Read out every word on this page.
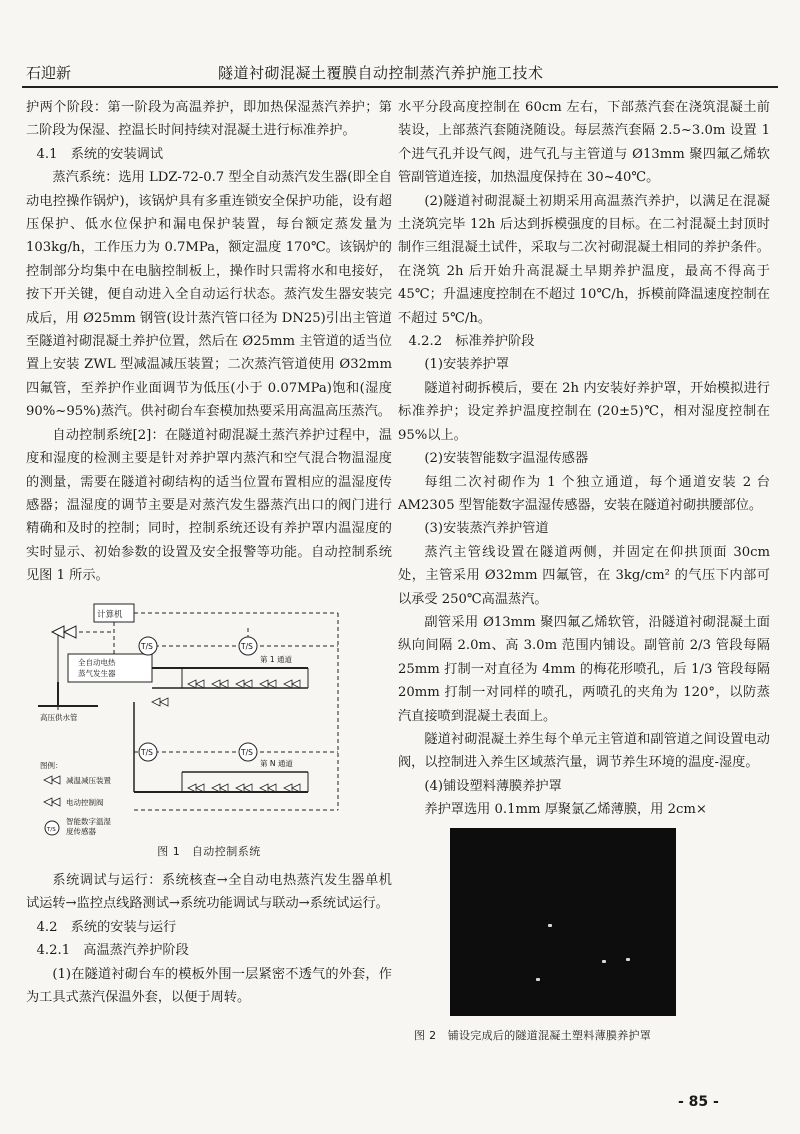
石迎新	隧道衬砌混凝土覆膜自动控制蒸汽养护施工技术

护两个阶段：第一阶段为高温养护，即加热保湿蒸汽养护；第二阶段为保湿、控温长时间持续对混凝土进行标准养护。

4.1　系统的安装调试

蒸汽系统：选用 LDZ-72-0.7 型全自动蒸汽发生器(即全自动电控操作锅炉)，该锅炉具有多重连锁安全保护功能，设有超压保护、低水位保护和漏电保护装置，每台额定蒸发量为 103kg/h，工作压力为 0.7MPa，额定温度 170℃。该锅炉的控制部分均集中在电脑控制板上，操作时只需将水和电接好，按下开关键，便自动进入全自动运行状态。蒸汽发生器安装完成后，用 Ø25mm 钢管(设计蒸汽管口径为 DN25)引出主管道至隧道衬砌混凝土养护位置，然后在 Ø25mm 主管道的适当位置上安装 ZWL 型减温减压装置；二次蒸汽管道使用 Ø32mm 四氟管，至养护作业面调节为低压(小于 0.07MPa)饱和(湿度 90%~95%)蒸汽。供衬砌台车套模加热要采用高温高压蒸汽。

自动控制系统[2]：在隧道衬砌混凝土蒸汽养护过程中，温度和湿度的检测主要是针对养护罩内蒸汽和空气混合物温湿度的测量，需要在隧道衬砌结构的适当位置布置相应的温湿度传感器；温湿度的调节主要是对蒸汽发生器蒸汽出口的阀门进行精确和及时的控制；同时，控制系统还设有养护罩内温湿度的实时显示、初始参数的设置及安全报警等功能。自动控制系统见图 1 所示。

计算机
全自动电热
蒸气发生器
高压供水管
第 1 通道
第 N 通道
T/S	T/S
T/S	T/S
图例：
减温减压装置
电动控制阀
T/S
智能数字温湿
度传感器
图 1　自动控制系统

系统调试与运行：系统核查→全自动电热蒸汽发生器单机试运转→监控点线路测试→系统功能调试与联动→系统试运行。

4.2　系统的安装与运行

4.2.1　高温蒸汽养护阶段

(1)在隧道衬砌台车的模板外围一层紧密不透气的外套，作为工具式蒸汽保温外套，以便于周转。

水平分段高度控制在 60cm 左右，下部蒸汽套在浇筑混凝土前装设，上部蒸汽套随浇随设。每层蒸汽套隔 2.5~3.0m 设置 1 个进气孔并设气阀，进气孔与主管道与 Ø13mm 聚四氟乙烯软管副管道连接，加热温度保持在 30~40℃。

(2)隧道衬砌混凝土初期采用高温蒸汽养护，以满足在混凝土浇筑完毕 12h 后达到拆模强度的目标。在二衬混凝土封顶时制作三组混凝土试件，采取与二次衬砌混凝土相同的养护条件。在浇筑 2h 后开始升高混凝土早期养护温度，最高不得高于 45℃；升温速度控制在不超过 10℃/h，拆模前降温速度控制在不超过 5℃/h。

4.2.2　标准养护阶段

(1)安装养护罩

隧道衬砌拆模后，要在 2h 内安装好养护罩，开始模拟进行标准养护；设定养护温度控制在 (20±5)℃，相对湿度控制在 95%以上。

(2)安装智能数字温湿传感器

每组二次衬砌作为 1 个独立通道，每个通道安装 2 台 AM2305 型智能数字温湿传感器，安装在隧道衬砌拱腰部位。

(3)安装蒸汽养护管道

蒸汽主管线设置在隧道两侧，并固定在仰拱顶面 30cm 处，主管采用 Ø32mm 四氟管，在 3kg/cm² 的气压下内部可以承受 250℃高温蒸汽。

副管采用 Ø13mm 聚四氟乙烯软管，沿隧道衬砌混凝土面纵向间隔 2.0m、高 3.0m 范围内铺设。副管前 2/3 管段每隔 25mm 打制一对直径为 4mm 的梅花形喷孔，后 1/3 管段每隔 20mm 打制一对同样的喷孔，两喷孔的夹角为 120°，以防蒸汽直接喷到混凝土表面上。

隧道衬砌混凝土养生每个单元主管道和副管道之间设置电动阀，以控制进入养生区域蒸汽量，调节养生环境的温度-湿度。

(4)铺设塑料薄膜养护罩

养护罩选用 0.1mm 厚聚氯乙烯薄膜，用 2cm×

图 2　铺设完成后的隧道混凝土塑料薄膜养护罩
- 85 -
